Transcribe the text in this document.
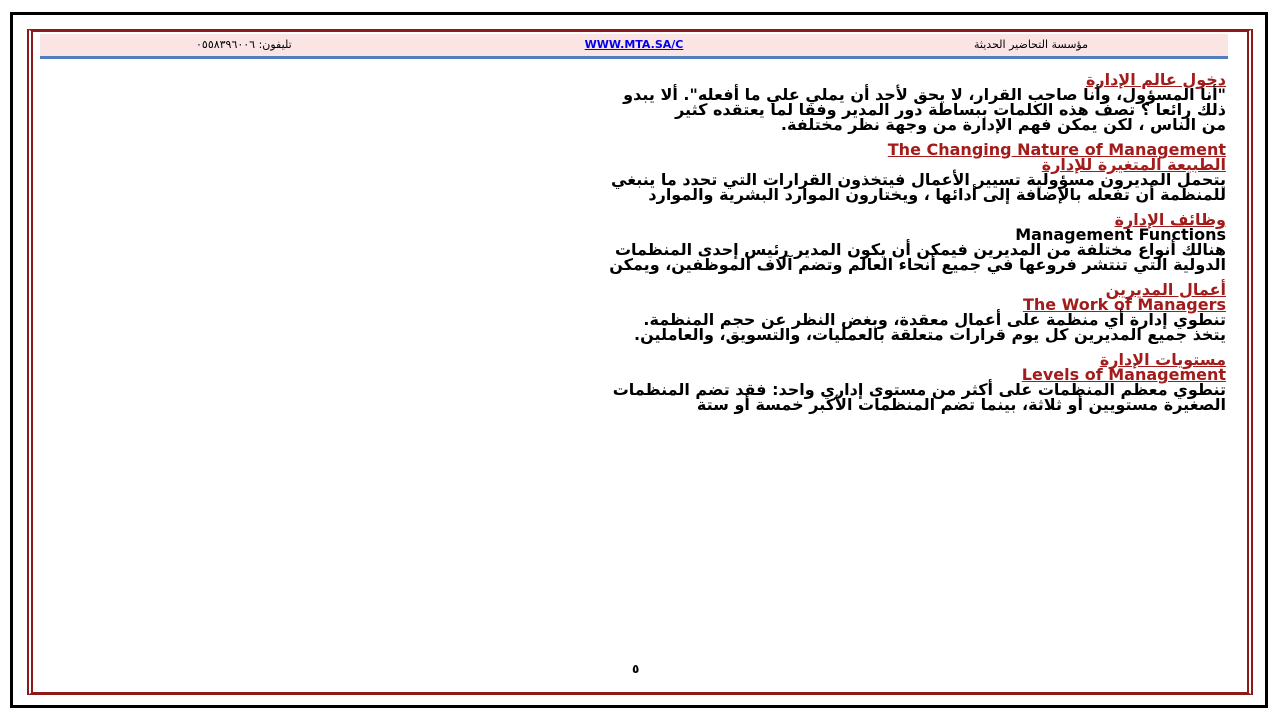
مؤسسة التحاضير الحديثة
WWW.MTA.SA/C
تليفون: ٠٥٥٨٣٩٦٠٠٦
دخول عالم الإدارة
"أنا المسؤول، وأنا صاحب القرار، لا يحق لأحد أن يملي علي ما أفعله". ألا يبدو
ذلك رائعا ؟ تصف هذه الكلمات ببساطة دور المدير وفقا لما يعتقده كثير
من الناس ، لكن يمكن فهم الإدارة من وجهة نظر مختلفة.
The Changing Nature of Management
الطبيعة المتغيرة للإدارة
يتحمل المديرون مسؤولية تسيير الأعمال فيتخذون القرارات التي تحدد ما ينبغي
للمنظمة أن تفعله بالإضافة إلى أدائها ، ويختارون الموارد البشرية والموارد
وظائف الإدارة
Management Functions
هنالك أنواع مختلفة من المديرين فيمكن أن يكون المدير رئيس إحدى المنظمات
الدولية التي تنتشر فروعها في جميع أنحاء العالم وتضم آلاف الموظفين، ويمكن
أعمال المديرين
The Work of Managers
تنطوي إدارة أي منظمة على أعمال معقدة، وبغض النظر عن حجم المنظمة.
يتخذ جميع المديرين كل يوم قرارات متعلقة بالعمليات، والتسويق، والعاملين.
مستويات الإدارة
Levels of Management
تنطوي معظم المنظمات على أكثر من مستوى إداري واحد: فقد تضم المنظمات
الصغيرة مستويين أو ثلاثة، بينما تضم المنظمات الأكبر خمسة أو ستة
٥
